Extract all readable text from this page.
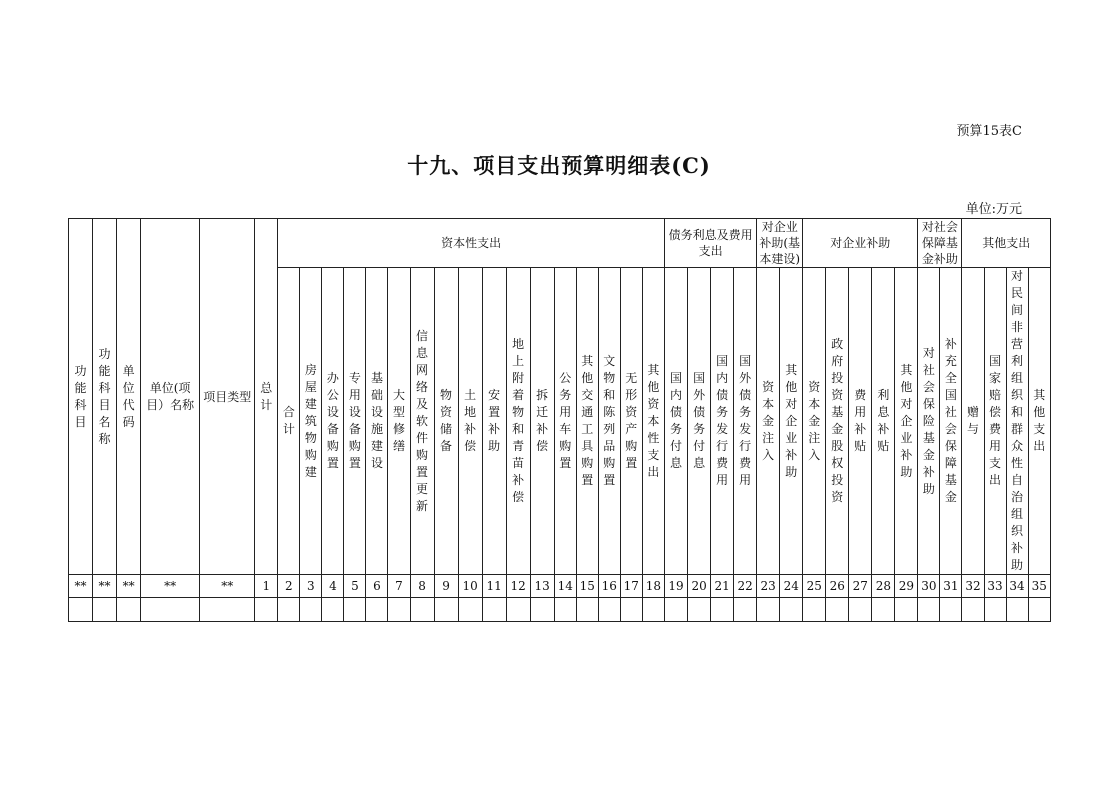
预算15表C
十九、项目支出预算明细表(C)
单位:万元
功能科目	功能科目名称	单位代码	单位(项目）名称	项目类型	总计	资本性支出																	债务利息及费用支出				对企业补助(基本建设)		对企业补助					对社会保障基金补助		其他支出			
						合计	房屋建筑物购建	办公设备购置	专用设备购置	基础设施建设	大型修缮	信息网络及软件购置更新	物资储备	土地补偿	安置补助	地上附着物和青苗补偿	拆迁补偿	公务用车购置	其他交通工具购置	文物和陈列品购置	无形资产购置	其他资本性支出	国内债务付息	国外债务付息	国内债务发行费用	国外债务发行费用	资本金注入	其他对企业补助	资本金注入	政府投资基金股权投资	费用补贴	利息补贴	其他对企业补助	对社会保险基金补助	补充全国社会保障基金	赠与	国家赔偿费用支出	对民间非营利组织和群众性自治组织补助	其他支出
**	**	**	**	**	1	2	3	4	5	6	7	8	9	10	11	12	13	14	15	16	17	18	19	20	21	22	23	24	25	26	27	28	29	30	31	32	33	34	35
